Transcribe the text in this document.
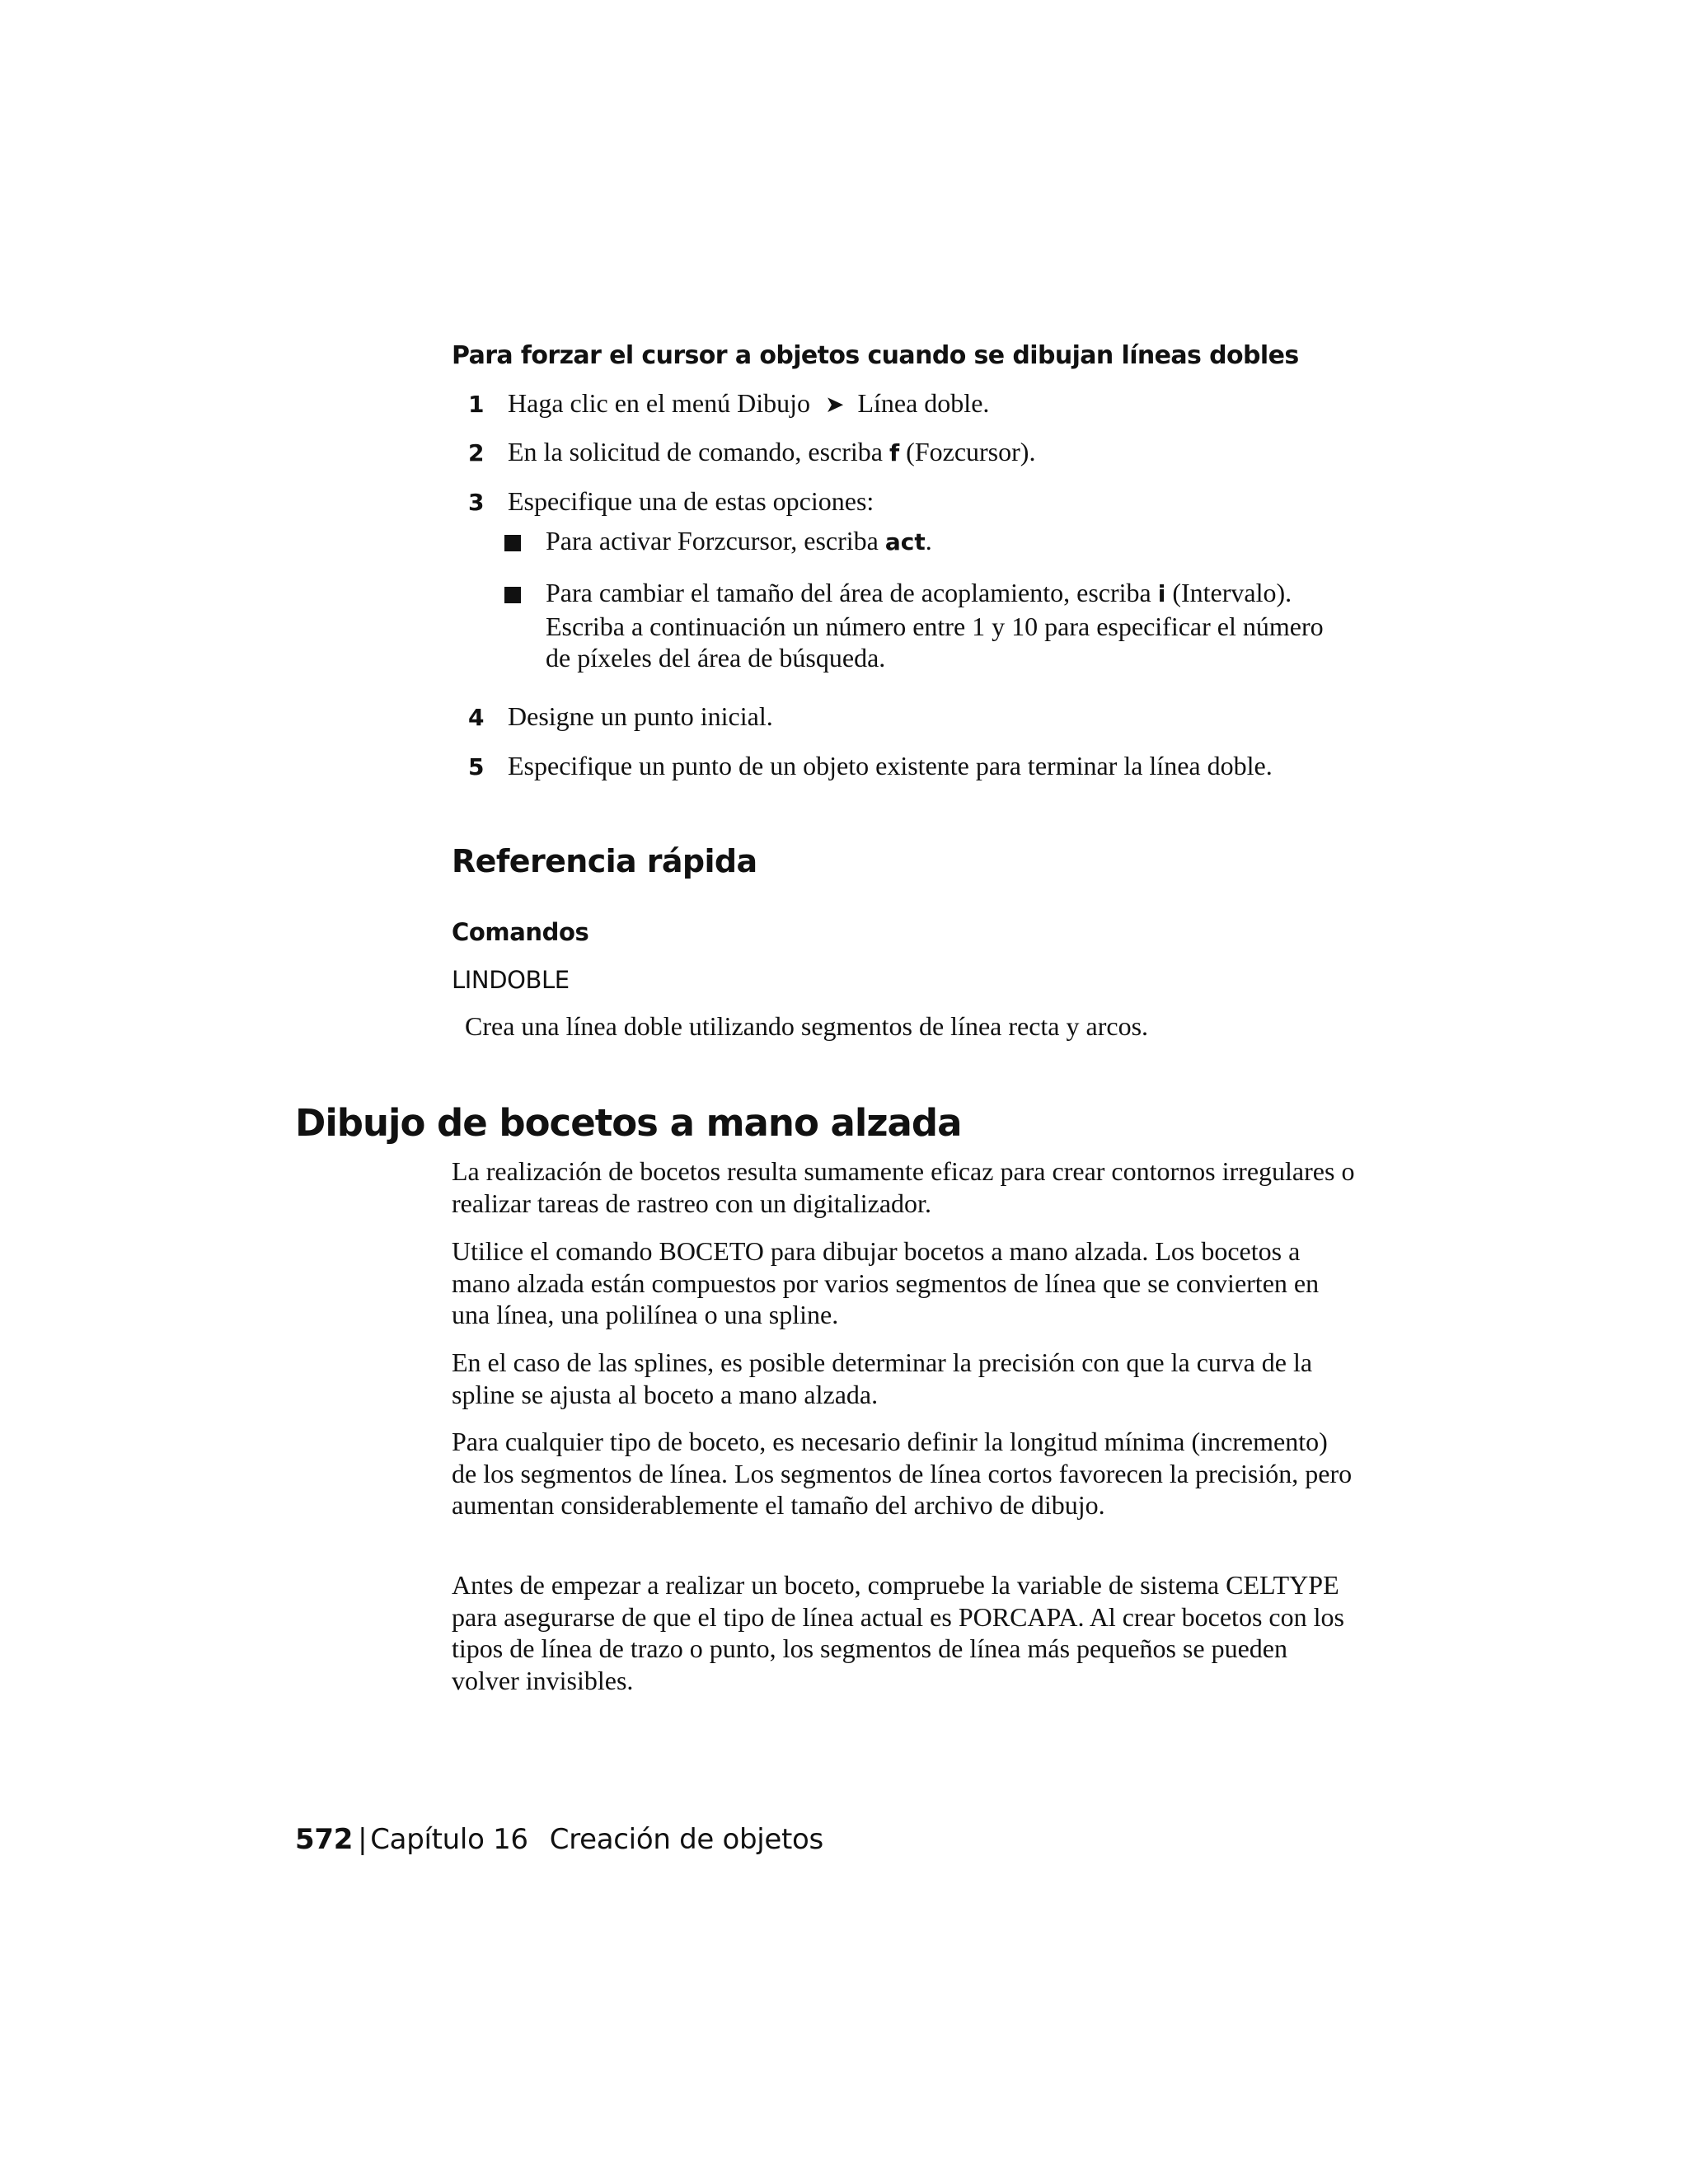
Para forzar el cursor a objetos cuando se dibujan líneas dobles
1 Haga clic en el menú Dibujo ➤ Línea doble.
2 En la solicitud de comando, escriba f (Fozcursor).
3 Especifique una de estas opciones:
Para activar Forzcursor, escriba act.
Para cambiar el tamaño del área de acoplamiento, escriba i (Intervalo). Escriba a continuación un número entre 1 y 10 para especificar el número de píxeles del área de búsqueda.
4 Designe un punto inicial.
5 Especifique un punto de un objeto existente para terminar la línea doble.
Referencia rápida
Comandos
LINDOBLE
Crea una línea doble utilizando segmentos de línea recta y arcos.
Dibujo de bocetos a mano alzada
La realización de bocetos resulta sumamente eficaz para crear contornos irregulares o realizar tareas de rastreo con un digitalizador.
Utilice el comando BOCETO para dibujar bocetos a mano alzada. Los bocetos a mano alzada están compuestos por varios segmentos de línea que se convierten en una línea, una polilínea o una spline.
En el caso de las splines, es posible determinar la precisión con que la curva de la spline se ajusta al boceto a mano alzada.
Para cualquier tipo de boceto, es necesario definir la longitud mínima (incremento) de los segmentos de línea. Los segmentos de línea cortos favorecen la precisión, pero aumentan considerablemente el tamaño del archivo de dibujo.
Antes de empezar a realizar un boceto, compruebe la variable de sistema CELTYPE para asegurarse de que el tipo de línea actual es PORCAPA. Al crear bocetos con los tipos de línea de trazo o punto, los segmentos de línea más pequeños se pueden volver invisibles.
572 | Capítulo 16 Creación de objetos
